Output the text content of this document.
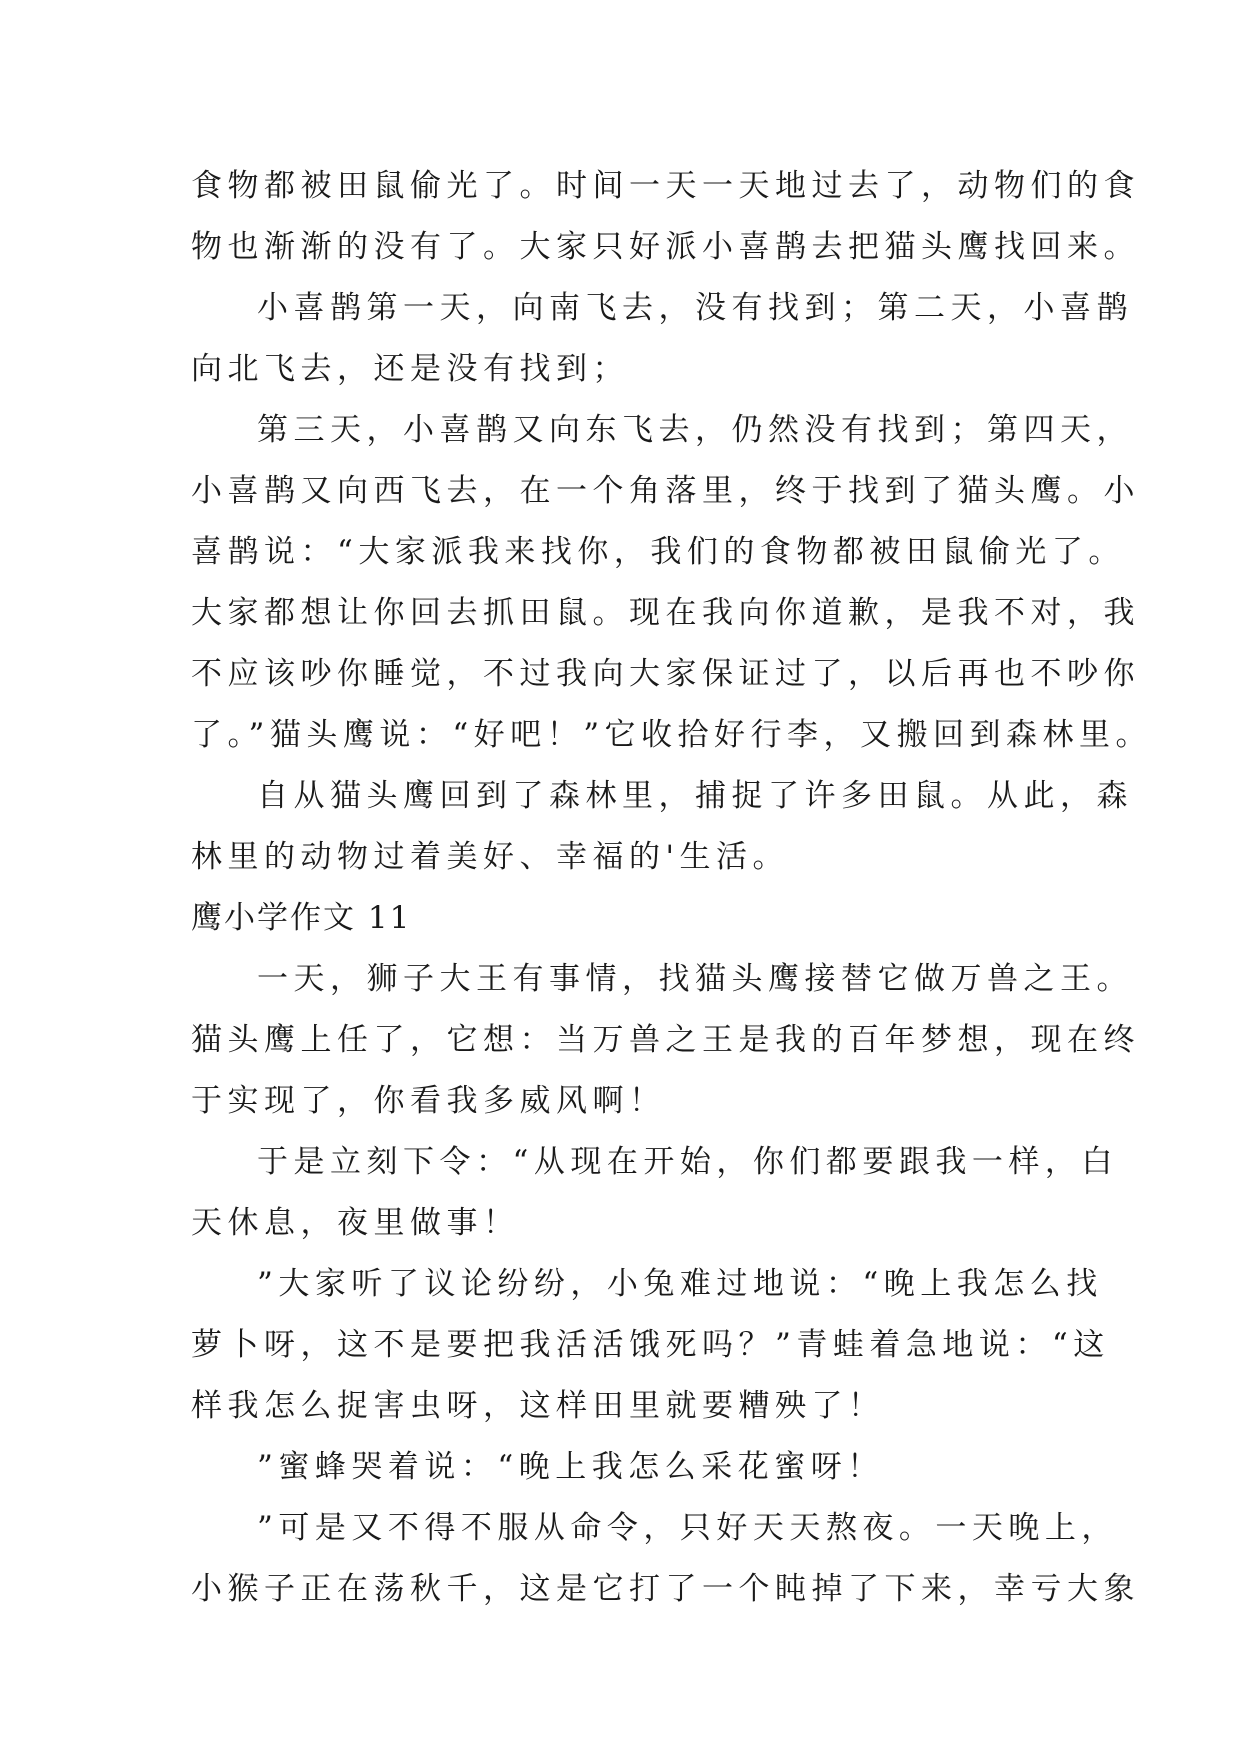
食物都被田鼠偷光了。时间一天一天地过去了，动物们的食
物也渐渐的没有了。大家只好派小喜鹊去把猫头鹰找回来。
小喜鹊第一天，向南飞去，没有找到；第二天，小喜鹊
向北飞去，还是没有找到；
第三天，小喜鹊又向东飞去，仍然没有找到；第四天，
小喜鹊又向西飞去，在一个角落里，终于找到了猫头鹰。小
喜鹊说：“大家派我来找你，我们的食物都被田鼠偷光了。
大家都想让你回去抓田鼠。现在我向你道歉，是我不对，我
不应该吵你睡觉，不过我向大家保证过了，以后再也不吵你
了。”猫头鹰说：“好吧！”它收拾好行李，又搬回到森林里。
自从猫头鹰回到了森林里，捕捉了许多田鼠。从此，森
林里的动物过着美好、幸福的'生活。
鹰小学作文 11
一天，狮子大王有事情，找猫头鹰接替它做万兽之王。
猫头鹰上任了，它想：当万兽之王是我的百年梦想，现在终
于实现了，你看我多威风啊！
于是立刻下令：“从现在开始，你们都要跟我一样，白
天休息，夜里做事！
”大家听了议论纷纷，小兔难过地说：“晚上我怎么找
萝卜呀，这不是要把我活活饿死吗？”青蛙着急地说：“这
样我怎么捉害虫呀，这样田里就要糟殃了！
”蜜蜂哭着说：“晚上我怎么采花蜜呀！
”可是又不得不服从命令，只好天天熬夜。一天晚上，
小猴子正在荡秋千，这是它打了一个盹掉了下来，幸亏大象
